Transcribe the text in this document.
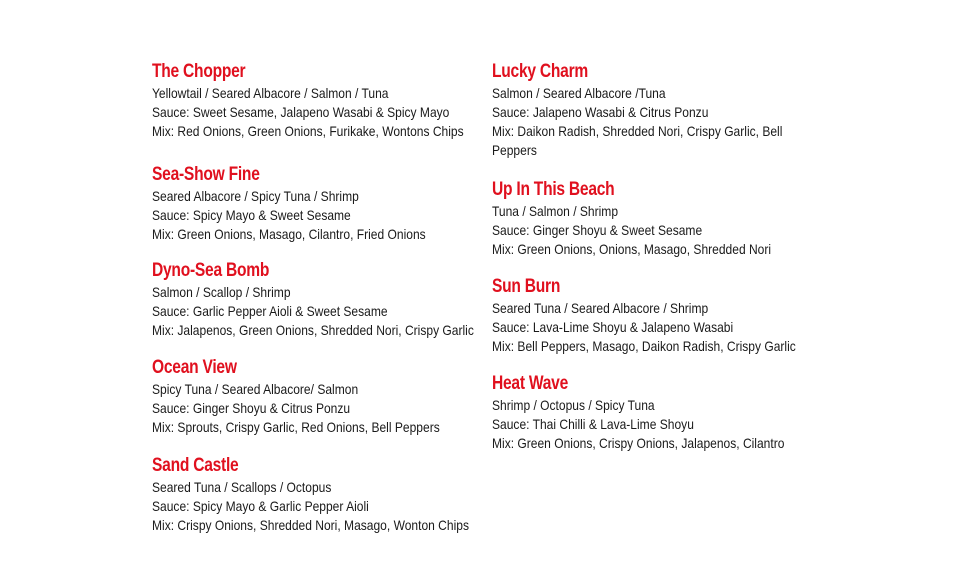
The Chopper
Yellowtail / Seared Albacore / Salmon / Tuna
Sauce: Sweet Sesame, Jalapeno Wasabi & Spicy Mayo
Mix: Red Onions, Green Onions, Furikake, Wontons Chips
Sea-Show Fine
Seared Albacore / Spicy Tuna / Shrimp
Sauce: Spicy Mayo & Sweet Sesame
Mix: Green Onions, Masago, Cilantro, Fried Onions
Dyno-Sea Bomb
Salmon / Scallop / Shrimp
Sauce: Garlic Pepper Aioli & Sweet Sesame
Mix: Jalapenos, Green Onions, Shredded Nori, Crispy Garlic
Ocean View
Spicy Tuna / Seared Albacore/ Salmon
Sauce: Ginger Shoyu & Citrus Ponzu
Mix: Sprouts, Crispy Garlic, Red Onions, Bell Peppers
Sand Castle
Seared Tuna / Scallops / Octopus
Sauce: Spicy Mayo & Garlic Pepper Aioli
Mix: Crispy Onions, Shredded Nori, Masago, Wonton Chips
Lucky Charm
Salmon / Seared Albacore /Tuna
Sauce: Jalapeno Wasabi & Citrus Ponzu
Mix: Daikon Radish, Shredded Nori, Crispy Garlic, Bell Peppers
Up In This Beach
Tuna / Salmon / Shrimp
Sauce: Ginger Shoyu & Sweet Sesame
Mix: Green Onions, Onions, Masago, Shredded Nori
Sun Burn
Seared Tuna / Seared Albacore / Shrimp
Sauce: Lava-Lime Shoyu & Jalapeno Wasabi
Mix: Bell Peppers, Masago, Daikon Radish, Crispy Garlic
Heat Wave
Shrimp / Octopus / Spicy Tuna
Sauce: Thai Chilli & Lava-Lime Shoyu
Mix: Green Onions, Crispy Onions, Jalapenos, Cilantro
